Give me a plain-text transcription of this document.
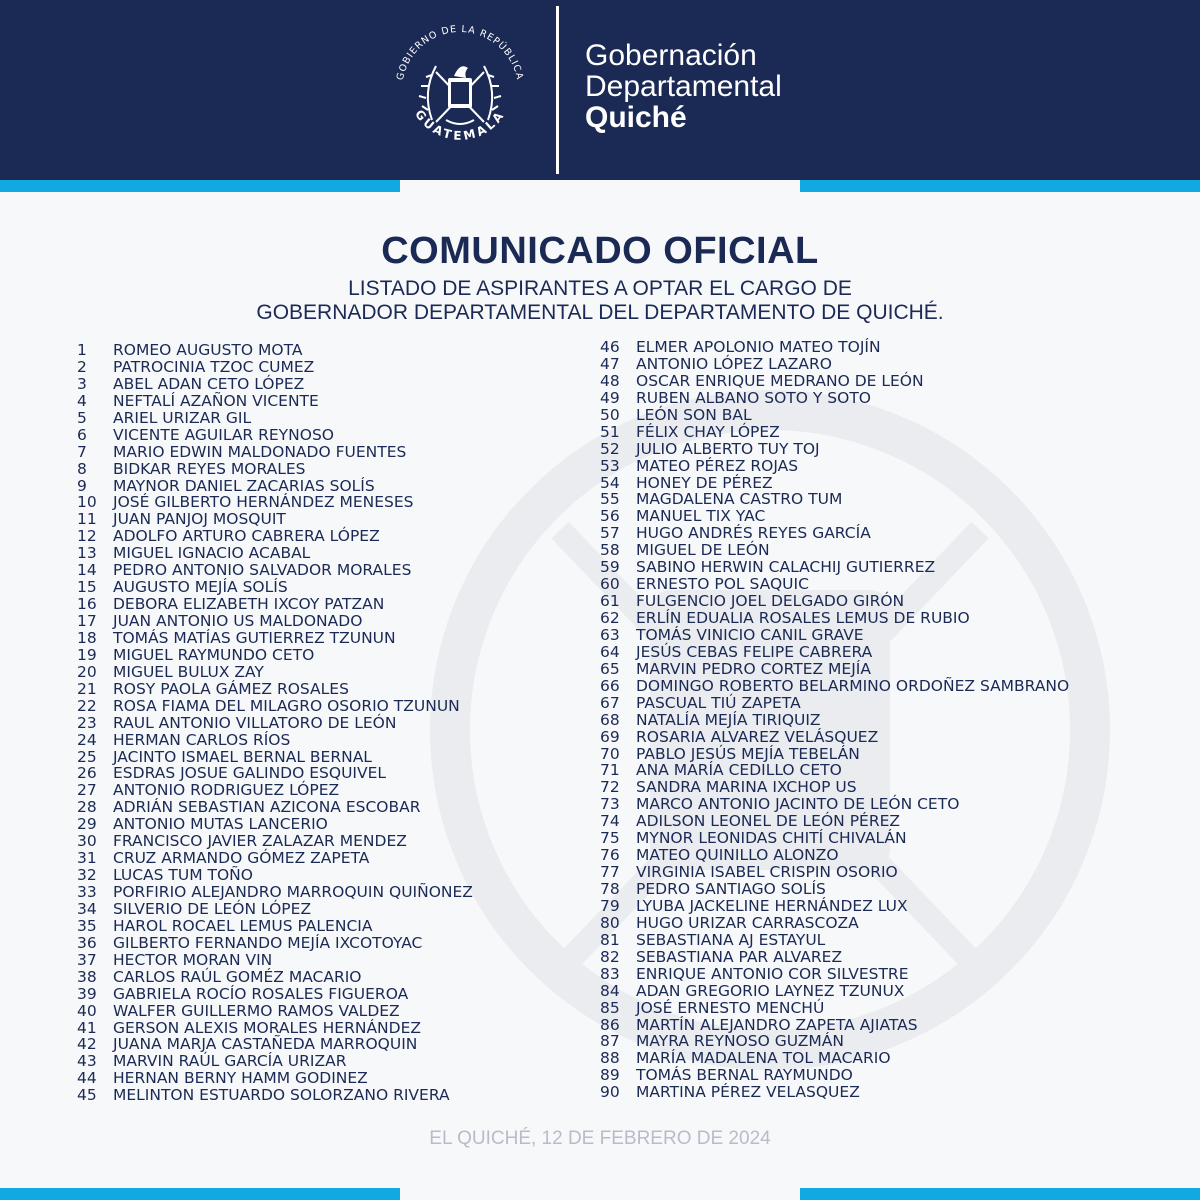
GOBIERNO DE LA REPÚBLICA
GUATEMALA
Gobernación
Departamental
Quiché
COMUNICADO OFICIAL
LISTADO DE ASPIRANTES A OPTAR EL CARGO DE
GOBERNADOR DEPARTAMENTAL DEL DEPARTAMENTO DE QUICHÉ.
1 ROMEO AUGUSTO MOTA
2 PATROCINIA TZOC CUMEZ
3 ABEL ADAN CETO LÓPEZ
4 NEFTALÍ AZAÑON VICENTE
5 ARIEL URIZAR GIL
6 VICENTE AGUILAR REYNOSO
7 MARIO EDWIN MALDONADO FUENTES
8 BIDKAR REYES MORALES
9 MAYNOR DANIEL ZACARIAS SOLÍS
10 JOSÉ GILBERTO HERNÁNDEZ MENESES
11 JUAN PANJOJ MOSQUIT
12 ADOLFO ARTURO CABRERA LÓPEZ
13 MIGUEL IGNACIO ACABAL
14 PEDRO ANTONIO SALVADOR MORALES
15 AUGUSTO MEJÍA SOLÍS
16 DEBORA ELIZABETH IXCOY PATZAN
17 JUAN ANTONIO US MALDONADO
18 TOMÁS MATÍAS GUTIERREZ TZUNUN
19 MIGUEL RAYMUNDO CETO
20 MIGUEL BULUX ZAY
21 ROSY PAOLA GÁMEZ ROSALES
22 ROSA FIAMA DEL MILAGRO OSORIO TZUNUN
23 RAUL ANTONIO VILLATORO DE LEÓN
24 HERMAN CARLOS RÍOS
25 JACINTO ISMAEL BERNAL BERNAL
26 ESDRAS JOSUE GALINDO ESQUIVEL
27 ANTONIO RODRIGUEZ LÓPEZ
28 ADRIÁN SEBASTIAN AZICONA ESCOBAR
29 ANTONIO MUTAS LANCERIO
30 FRANCISCO JAVIER ZALAZAR MENDEZ
31 CRUZ ARMANDO GÓMEZ ZAPETA
32 LUCAS TUM TOÑO
33 PORFIRIO ALEJANDRO MARROQUIN QUIÑONEZ
34 SILVERIO DE LEÓN LÓPEZ
35 HAROL ROCAEL LEMUS PALENCIA
36 GILBERTO FERNANDO MEJÍA IXCOTOYAC
37 HECTOR MORAN VIN
38 CARLOS RAÚL GOMÉZ MACARIO
39 GABRIELA ROCÍO ROSALES FIGUEROA
40 WALFER GUILLERMO RAMOS VALDEZ
41 GERSON ALEXIS MORALES HERNÁNDEZ
42 JUANA MARJA CASTAÑEDA MARROQUIN
43 MARVIN RAÚL GARCÍA URIZAR
44 HERNAN BERNY HAMM GODINEZ
45 MELINTON ESTUARDO SOLORZANO RIVERA
46 ELMER APOLONIO MATEO TOJÍN
47 ANTONIO LÓPEZ LAZARO
48 OSCAR ENRIQUE MEDRANO DE LEÓN
49 RUBEN ALBANO SOTO Y SOTO
50 LEÓN SON BAL
51 FÉLIX CHAY LÓPEZ
52 JULIO ALBERTO TUY TOJ
53 MATEO PÉREZ ROJAS
54 HONEY DE PÉREZ
55 MAGDALENA CASTRO TUM
56 MANUEL TIX YAC
57 HUGO ANDRÉS REYES GARCÍA
58 MIGUEL DE LEÓN
59 SABINO HERWIN CALACHIJ GUTIERREZ
60 ERNESTO POL SAQUIC
61 FULGENCIO JOEL DELGADO GIRÓN
62 ERLÍN EDUALIA ROSALES LEMUS DE RUBIO
63 TOMÁS VINICIO CANIL GRAVE
64 JESÚS CEBAS FELIPE CABRERA
65 MARVIN PEDRO CORTEZ MEJÍA
66 DOMINGO ROBERTO BELARMINO ORDOÑEZ SAMBRANO
67 PASCUAL TIÚ ZAPETA
68 NATALÍA MEJÍA TIRIQUIZ
69 ROSARIA ALVAREZ VELÁSQUEZ
70 PABLO JESÚS MEJÍA TEBELÁN
71 ANA MARÍA CEDILLO CETO
72 SANDRA MARINA IXCHOP US
73 MARCO ANTONIO JACINTO DE LEÓN CETO
74 ADILSON LEONEL DE LEÓN PÉREZ
75 MYNOR LEONIDAS CHITÍ CHIVALÁN
76 MATEO QUINILLO ALONZO
77 VIRGINIA ISABEL CRISPIN OSORIO
78 PEDRO SANTIAGO SOLÍS
79 LYUBA JACKELINE HERNÁNDEZ LUX
80 HUGO URIZAR CARRASCOZA
81 SEBASTIANA AJ ESTAYUL
82 SEBASTIANA PAR ALVAREZ
83 ENRIQUE ANTONIO COR SILVESTRE
84 ADAN GREGORIO LAYNEZ TZUNUX
85 JOSÉ ERNESTO MENCHÚ
86 MARTÍN ALEJANDRO ZAPETA AJIATAS
87 MAYRA REYNOSO GUZMÁN
88 MARÍA MADALENA TOL MACARIO
89 TOMÁS BERNAL RAYMUNDO
90 MARTINA PÉREZ VELASQUEZ
EL QUICHÉ, 12 DE FEBRERO DE 2024
